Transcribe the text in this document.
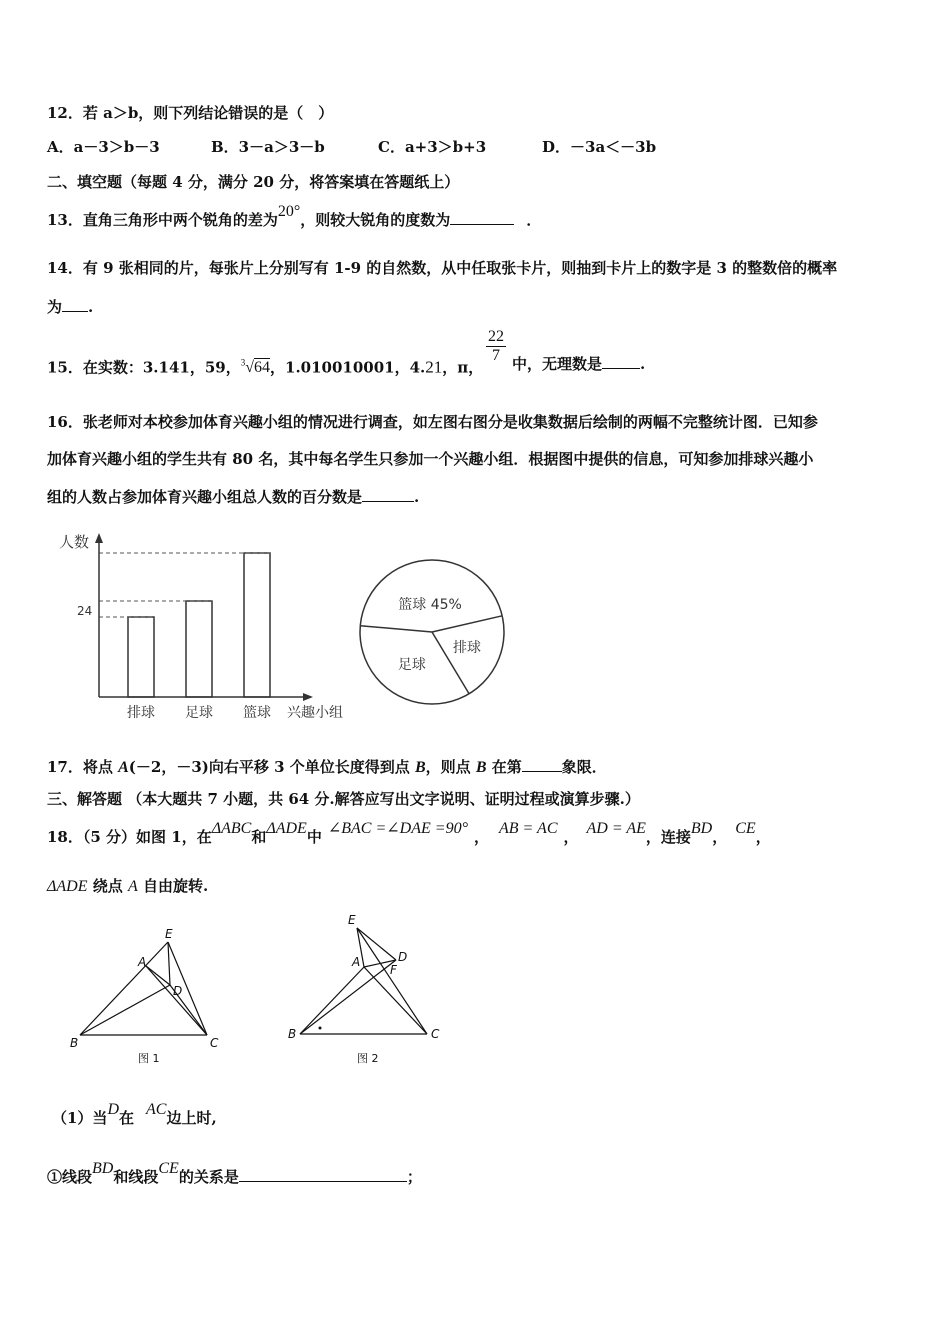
12．若 a＞b，则下列结论错误的是（　）
A．a－3＞b－3	B．3－a＞3－b	C．a+3＞b+3	D．－3a＜－3b
二、填空题（每题 4 分，满分 20 分，将答案填在答题纸上）
13．直角三角形中两个锐角的差为20°，则较大锐角的度数为	．
14．有 9 张相同的片，每张片上分别写有 1-9 的自然数，从中任取张卡片，则抽到卡片上的数字是 3 的整数倍的概率
为 .
15．在实数：3.141，59，$^3$√64，1.010010001，4.21，π，
$\frac{22}{7}$ 中，无理数是	.
16．张老师对本校参加体育兴趣小组的情况进行调查，如左图右图分是收集数据后绘制的两幅不完整统计图．已知参
加体育兴趣小组的学生共有 80 名，其中每名学生只参加一个兴趣小组．根据图中提供的信息，可知参加排球兴趣小
组的人数占参加体育兴趣小组总人数的百分数是	.
排球 足球 篮球
人数
兴趣小组
24	篮球 45%
排球
足球
17．将点 A(－2，－3)向右平移 3 个单位长度得到点 B，则点 B 在第	象限．
三、解答题 （本大题共 7 小题，共 64 分.解答应写出文字说明、证明过程或演算步骤.）
18．（5 分）如图 1，在ΔABC和ΔADE中 ∠BAC =∠DAE =90° ， AB = AC ， AD = AE，连接BD， CE，
ΔADE 绕点 A 自由旋转.
E
A
D
B	C
图 1
E
A	D
F
B	C
图 2
（1）当D在 AC边上时,
①线段BD和线段CE的关系是	；
